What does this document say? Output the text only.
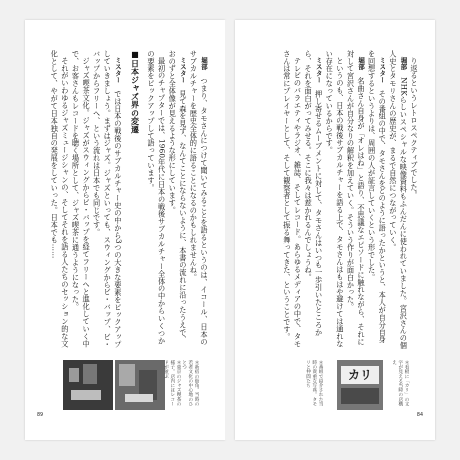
堀部　つまり、タモさんにつけて聞いてみることを語るというのは、イコール、日本のサブカルチャーを歴史全体的に語ることになるのかもしれませんね。

ミスター　見て森を見ず、なんてことにならないように、本書の流れに沿ったうえで、おのずと全体像が見えるような形にしています。

最初のチャプターでは、1960年代に日本の戦後サブカルチャー全体の中からいくつかの要素をピックアップして語っています。

■日本ジャズ界の変遷

ミスター　では日本の戦後のサブカルチャー史の中から3つの大きな要素をピックアップしていきましょう。まずはジャズ。ジャズといっても、スウィングからビ・バップ、ビ・バップからフリーへ、という流れは日本でも同じです。

ジャズ喫茶文化。ジャズがスウィングからビ・バップを経てフリーへと進化していく中で、お客さんもレコードを聴く場所として、ジャズ喫茶に通うようになった。

それがいわゆるジャズミュージシャンの、そしてそれを語る人たちのセッション的な文化として、やがて日本独自の発展をしていった。日本でも……

＊東京のジャズ喫茶の様子。店内にはレコードが並ぶ	＊新宿の街角。当時の若者文化の中心地のひとつ
89

り返るというレトロスペクティブでした。

堀部　NHKらしいスペシャルな映像資料もふんだんに使われていました。宮沢さんの個人史とタモリさんの歴史が、まるで自然につながっていく。

ミスター　その番組の中で、タモさんをどのように語ったかというと、本人が自分自身を回想するというよりは、周囲の人が証言していくという形でした。

堀部　名曲さん自身が「オレはね」と語り、不思議なエピソードに触れながら、それに対して宮沢さんが自分なりの解釈を加えていく。そういう作りが面白かった。

というのも、日本の戦後サブカルチャーを語る上で、タモさんはもはや避けては通れない存在になっているからです。

ミスター　押し寄せるムーブメントに対して、タモさんはいつも一歩引いたところから、それを面白がってみせる。そこに我々は惹かれるんでしょうね。

テレビのバラエティやラジオ、雑誌、そしてレコード。あらゆるメディアの中で、タモさんは常にプレイヤーとして、そして観察者として振る舞ってきた、ということです。

＊番組で紹介された当時の貴重な写真。タモリと仲間たち	カリ	＊看板に「カリ」の文字が見える当時の店構え
84
